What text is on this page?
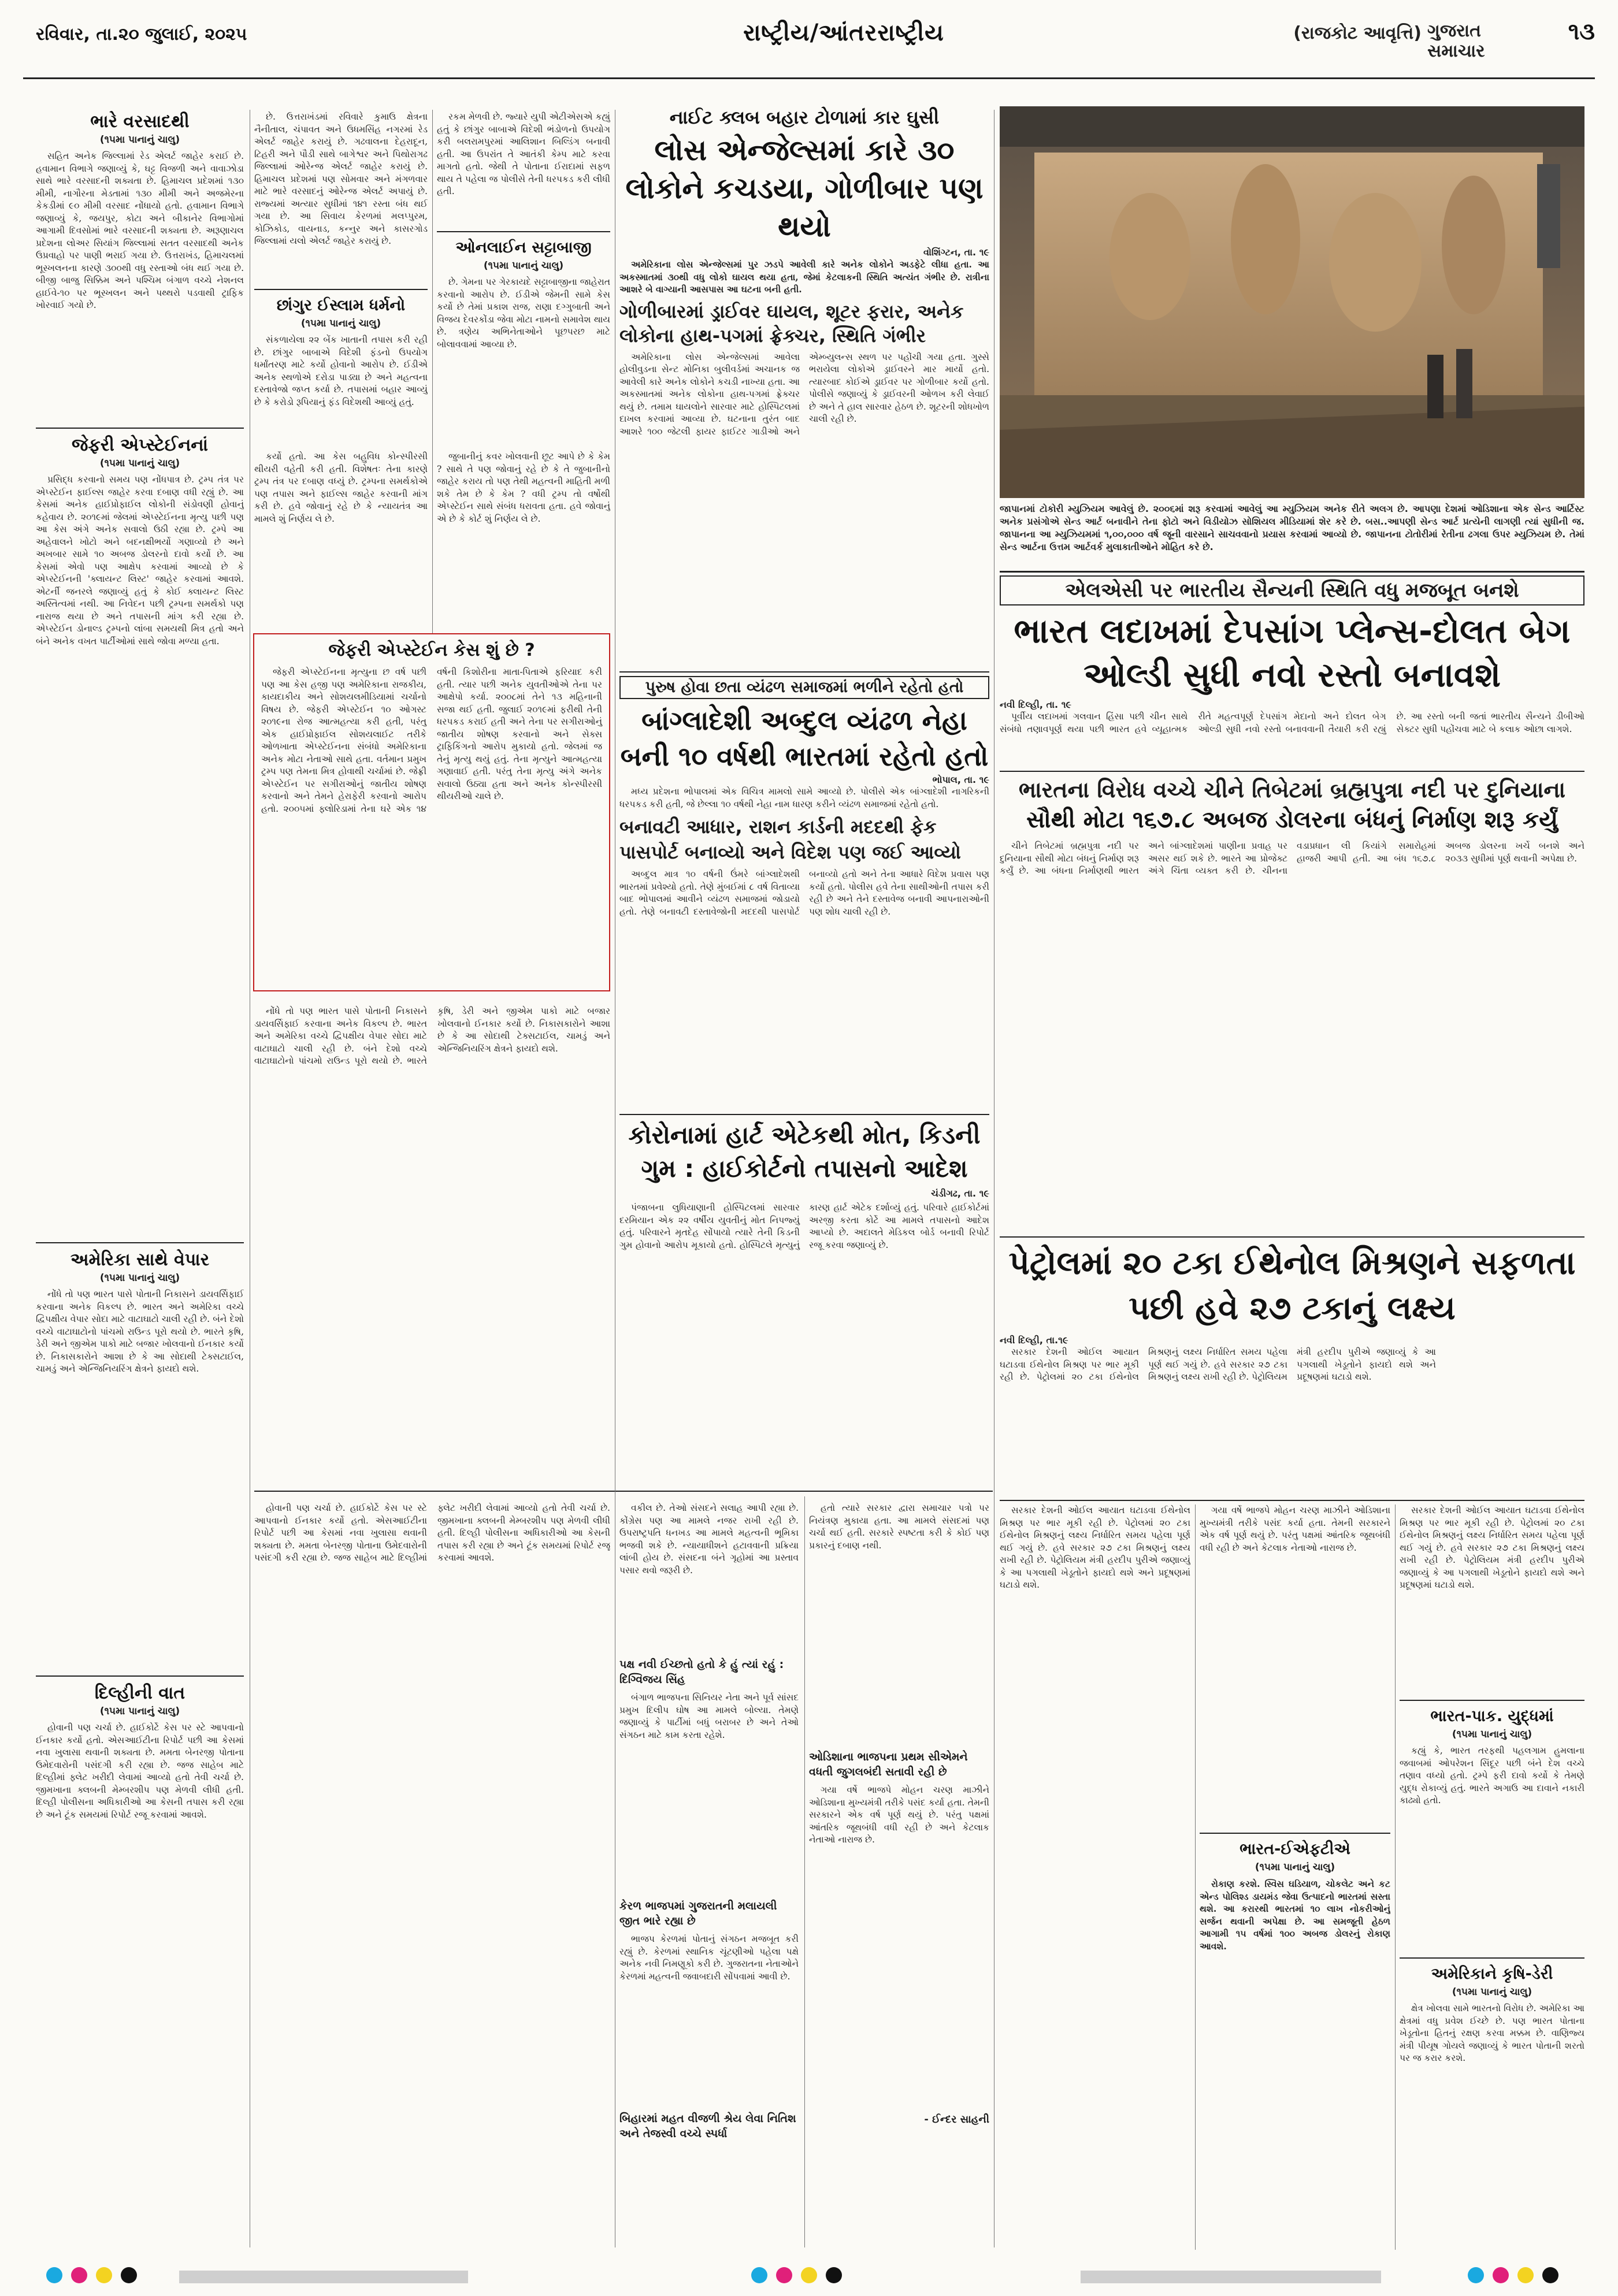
રવિવાર, તા.૨૦ જુલાઈ, ૨૦૨૫	રાષ્ટ્રીય/આંતરરાષ્ટ્રીય	(રાજકોટ આવૃત્તિ) ગુજરાત સમાચાર
૧૩
ભારે વરસાદથી
(૧૫મા પાનાનું ચાલુ)

સહિત અનેક જિલ્લામાં રેડ એલર્ટ જાહેર કરાઈ છે. હવામાન વિભાગે જણાવ્યું કે, ઘટ્ટ વિજળી અને વાવાઝોડા સાથે ભારે વરસાદની શક્યતા છે. હિમાચલ પ્રદેશમાં ૧૩૦ મીમી, નાગૌરના મેડતામાં ૧૩૦ મીમી અને અજમેરના કેકડીમાં ૯૦ મીમી વરસાદ નોંધાયો હતો. હવામાન વિભાગે જણાવ્યું કે, જયપુર, કોટા અને બીકાનેર વિભાગોમાં આગામી દિવસોમાં ભારે વરસાદની શક્યતા છે. અરૂણાચલ પ્રદેશના લોઅર સિયાંગ જિલ્લામાં સતત વરસાદથી અનેક ઉપ્રવાહો પર પાણી ભરાઈ ગયા છે. ઉત્તરાખંડ, હિમાચલમાં ભૂસ્ખલનના કારણે ૩૦૦થી વધુ રસ્તાઓ બંધ થઈ ગયા છે. બીજી બાજુ સિક્કિમ અને પશ્ચિમ બંગાળ વચ્ચે નેશનલ હાઈવે-૧૦ પર ભૂસ્ખલન અને પથ્થરો પડવાથી ટ્રાફિક ખોરવાઈ ગયો છે.

જેફરી એપ્સ્ટેઈનનાં
(૧૫મા પાનાનું ચાલુ)

પ્રસિદ્ધ કરવાનો સમય પણ નોંધપાત્ર છે. ટ્રમ્પ તંત્ર પર એપ્સ્ટેઈન ફાઈલ્સ જાહેર કરવા દબાણ વધી રહ્યું છે. આ કેસમાં અનેક હાઈપ્રોફાઈલ લોકોની સંડોવણી હોવાનું કહેવાય છે. ૨૦૧૯માં જેલમાં એપ્સ્ટેઈનના મૃત્યુ પછી પણ આ કેસ અંગે અનેક સવાલો ઉઠી રહ્યા છે. ટ્રમ્પે આ અહેવાલને ખોટો અને બદનક્ષીભર્યો ગણાવ્યો છે અને અખબાર સામે ૧૦ અબજ ડોલરનો દાવો કર્યો છે. આ કેસમાં એવો પણ આક્ષેપ કરવામાં આવ્યો છે કે એપ્સ્ટેઈનની 'ક્લાયન્ટ લિસ્ટ' જાહેર કરવામાં આવશે. એટર્ની જનરલે જણાવ્યું હતું કે કોઈ ક્લાયન્ટ લિસ્ટ અસ્તિત્વમાં નથી. આ નિવેદન પછી ટ્રમ્પના સમર્થકો પણ નારાજ થયા છે અને તપાસની માંગ કરી રહ્યા છે. એપ્સ્ટેઈન ડોનાલ્ડ ટ્રમ્પનો લાંબા સમયથી મિત્ર હતો અને બંને અનેક વખત પાર્ટીઓમાં સાથે જોવા મળ્યા હતા.

અમેરિકા સાથે વેપાર
(૧૫મા પાનાનું ચાલુ)

નોંધે તો પણ ભારત પાસે પોતાની નિકાસને ડાયવર્સિફાઈ કરવાના અનેક વિકલ્પ છે. ભારત અને અમેરિકા વચ્ચે દ્વિપક્ષીય વેપાર સોદા માટે વાટાઘાટો ચાલી રહી છે. બંને દેશો વચ્ચે વાટાઘાટોનો પાંચમો રાઉન્ડ પૂરો થયો છે. ભારતે કૃષિ, ડેરી અને જીએમ પાકો માટે બજાર ખોલવાનો ઈનકાર કર્યો છે. નિકાસકારોને આશા છે કે આ સોદાથી ટેક્સટાઈલ, ચામડું અને એન્જિનિયરિંગ ક્ષેત્રને ફાયદો થશે.

દિલ્હીની વાત
(૧૫મા પાનાનું ચાલુ)

હોવાની પણ ચર્ચા છે. હાઈકોર્ટે કેસ પર સ્ટે આપવાનો ઈનકાર કર્યો હતો. એસઆઈટીના રિપોર્ટ પછી આ કેસમાં નવા ખુલાસા થવાની શક્યતા છે. મમતા બેનરજી પોતાના ઉમેદવારોની પસંદગી કરી રહ્યા છે. જજ સાહેબ માટે દિલ્હીમાં ફ્લેટ ખરીદી લેવામાં આવ્યો હતો તેવી ચર્ચા છે. જીમખાના ક્લબની મેમ્બરશીપ પણ મેળવી લીધી હતી. દિલ્હી પોલીસના અધિકારીઓ આ કેસની તપાસ કરી રહ્યા છે અને ટૂંક સમયમાં રિપોર્ટ રજૂ કરવામાં આવશે.

છે. ઉત્તરાખંડમાં રવિવારે કુમાઉ ક્ષેત્રના નૈનીતાલ, ચંપાવત અને ઉધમસિંહ નગરમાં રેડ એલર્ટ જાહેર કરાયું છે. ગઢવાલના દેહરાદૂન, ટિહરી અને પૌડી સાથે બાગેશ્વર અને પિથોરાગઢ જિલ્લામાં ઓરેન્જ એલર્ટ જાહેર કરાયું છે. હિમાચલ પ્રદેશમાં પણ સોમવાર અને મંગળવાર માટે ભારે વરસાદનું ઓરેન્જ એલર્ટ અપાયું છે. રાજ્યમાં અત્યાર સુધીમાં ૧૪૧ રસ્તા બંધ થઈ ગયા છે. આ સિવાય કેરળમાં મલપ્પુરમ, કોઝિકોડ, વાયનાડ, કન્નુર અને કાસરગોડ જિલ્લામાં યલો એલર્ટ જાહેર કરાયું છે.

છાંગુર ઈસ્લામ ધર્મનો
(૧૫મા પાનાનું ચાલુ)

સંકળાયેલા ૨૨ બેંક ખાતાની તપાસ કરી રહી છે. છાંગુર બાબાએ વિદેશી ફંડનો ઉપયોગ ધર્માંતરણ માટે કર્યો હોવાનો આરોપ છે. ઈડીએ અનેક સ્થળોએ દરોડા પાડ્યા છે અને મહત્વના દસ્તાવેજો જપ્ત કર્યા છે. તપાસમાં બહાર આવ્યું છે કે કરોડો રૂપિયાનું ફંડ વિદેશથી આવ્યું હતું.

રકમ મેળવી છે. જ્યારે યુપી એટીએસએ કહ્યું હતું કે છાંગુર બાબાએ વિદેશી ભંડોળનો ઉપયોગ કરી બલરામપુરમાં આલિશાન બિલ્ડિંગ બનાવી હતી. આ ઉપરાંત તે આતંકી કેમ્પ માટે કરવા માગતો હતો. જેથી તે પોતાના ઈરાદામાં સફળ થાય તે પહેલા જ પોલીસે તેની ધરપકડ કરી લીધી હતી.

ઓનલાઈન સટ્ટાબાજી
(૧૫મા પાનાનું ચાલુ)

છે. ગેમના પર ગેરકાયદે સટ્ટાબાજીના જાહેરાત કરવાનો આરોપ છે. ઈડીએ જેમની સામે કેસ કર્યો છે તેમાં પ્રકાશ રાજ, રાણા દગ્ગુબાતી અને વિજય દેવરકોંડા જેવા મોટા નામનો સમાવેશ થાય છે. ત્રણેય અભિનેતાઓને પૂછપરછ માટે બોલાવવામાં આવ્યા છે.

કર્યો હતો. આ કેસ બહુવિધ કોન્સ્પીરસી થીયરી વહેતી કરી હતી. વિશેષતઃ તેના કારણે ટ્રમ્પ તંત્ર પર દબાણ વધ્યું છે. ટ્રમ્પના સમર્થકોએ પણ તપાસ અને ફાઈલ્સ જાહેર કરવાની માંગ કરી છે. હવે જોવાનું રહે છે કે ન્યાયતંત્ર આ મામલે શું નિર્ણય લે છે.

જુબાનીનું કવર ખોલવાની છૂટ આપે છે કે કેમ ? સાથે તે પણ જોવાનું રહે છે કે તે જુબાનીનો જાહેર કરાય તો પણ તેથી મહત્વની માહિતી મળી શકે તેમ છે કે કેમ ? વધી ટ્રમ્પ તો વર્ષોથી એપ્સ્ટેઈન સાથે સંબંધ ધરાવતા હતા. હવે જોવાનું એ છે કે કોર્ટ શું નિર્ણય લે છે.

જેફરી એપ્સ્ટેઈન કેસ શું છે ?

જેફરી એપ્સ્ટેઈનના મૃત્યુના છ વર્ષ પછી પણ આ કેસ હજી પણ અમેરિકાના રાજકીય, કાયદાકીય અને સોશયલમીડિયામાં ચર્ચાનો વિષય છે. જેફરી એપ્સ્ટેઈન ૧૦ ઓગસ્ટ ૨૦૧૯ના રોજ આત્મહત્યા કરી હતી, પરંતુ એક હાઈપ્રોફાઈલ સોશયલાઈટ તરીકે ઓળખાતા એપ્સ્ટેઈનના સંબંધો અમેરિકાના અનેક મોટા નેતાઓ સાથે હતા. વર્તમાન પ્રમુખ ટ્રમ્પ પણ તેમના મિત્ર હોવાથી ચર્ચામાં છે. જેફ્રી એપ્સ્ટેઈન પર સગીરાઓનું જાતીય શોષણ કરવાનો અને તેમને હેરાફેરી કરવાનો આરોપ હતો. ૨૦૦૫માં ફ્લોરિડામાં તેના ઘરે એક ૧૪ વર્ષની કિશોરીના માતા-પિતાએ ફરિયાદ કરી હતી. ત્યાર પછી અનેક યુવતીઓએ તેના પર આક્ષેપો કર્યા. ૨૦૦૮માં તેને ૧૩ મહિનાની સજા થઈ હતી. જુલાઈ ૨૦૧૯માં ફરીથી તેની ધરપકડ કરાઈ હતી અને તેના પર સગીરાઓનું જાતીય શોષણ કરવાનો અને સેક્સ ટ્રાફિકિંગનો આરોપ મુકાયો હતો. જેલમાં જ તેનું મૃત્યુ થયું હતું. તેના મૃત્યુને આત્મહત્યા ગણાવાઈ હતી. પરંતુ તેના મૃત્યુ અંગે અનેક સવાલો ઉઠ્યા હતા અને અનેક કોન્સ્પીરસી થીયરીઓ ચાલે છે.

નોંધે તો પણ ભારત પાસે પોતાની નિકાસને ડાયવર્સિફાઈ કરવાના અનેક વિકલ્પ છે. ભારત અને અમેરિકા વચ્ચે દ્વિપક્ષીય વેપાર સોદા માટે વાટાઘાટો ચાલી રહી છે. બંને દેશો વચ્ચે વાટાઘાટોનો પાંચમો રાઉન્ડ પૂરો થયો છે. ભારતે કૃષિ, ડેરી અને જીએમ પાકો માટે બજાર ખોલવાનો ઈનકાર કર્યો છે. નિકાસકારોને આશા છે કે આ સોદાથી ટેક્સટાઈલ, ચામડું અને એન્જિનિયરિંગ ક્ષેત્રને ફાયદો થશે.

હોવાની પણ ચર્ચા છે. હાઈકોર્ટે કેસ પર સ્ટે આપવાનો ઈનકાર કર્યો હતો. એસઆઈટીના રિપોર્ટ પછી આ કેસમાં નવા ખુલાસા થવાની શક્યતા છે. મમતા બેનરજી પોતાના ઉમેદવારોની પસંદગી કરી રહ્યા છે. જજ સાહેબ માટે દિલ્હીમાં ફ્લેટ ખરીદી લેવામાં આવ્યો હતો તેવી ચર્ચા છે. જીમખાના ક્લબની મેમ્બરશીપ પણ મેળવી લીધી હતી. દિલ્હી પોલીસના અધિકારીઓ આ કેસની તપાસ કરી રહ્યા છે અને ટૂંક સમયમાં રિપોર્ટ રજૂ કરવામાં આવશે.

નાઈટ ક્લબ બહાર ટોળામાં કાર ઘુસી
લોસ એન્જેલ્સમાં કારે ૩૦ લોકોને કચડયા, ગોળીબાર પણ થયો
વોશિંગ્ટન, તા. ૧૯

અમેરિકાના લોસ એન્જેલ્સમાં પુર ઝડપે આવેલી કારે અનેક લોકોને અડફેટે લીધા હતા. આ અકસ્માતમાં ૩૦થી વધુ લોકો ઘાયલ થયા હતા, જેમાં કેટલાકની સ્થિતિ અત્યંત ગંભીર છે. રાત્રીના આશરે બે વાગ્યાની આસપાસ આ ઘટના બની હતી.

ગોળીબારમાં ડ્રાઈવર ઘાયલ, શૂટર ફરાર, અનેક લોકોના હાથ-પગમાં ફ્રેક્ચર, સ્થિતિ ગંભીર

અમેરિકાના લોસ એન્જેલ્સમાં આવેલા હોલીવુડના સેન્ટ મોનિકા બુલીવર્ડમાં અચાનક જ આવેલી કારે અનેક લોકોને કચડી નાખ્યા હતા. આ અકસ્માતમાં અનેક લોકોના હાથ-પગમાં ફ્રેક્ચર થયું છે. તમામ ઘાયલોને સારવાર માટે હોસ્પિટલમાં દાખલ કરવામાં આવ્યા છે. ઘટનાના તુરંત બાદ આશરે ૧૦૦ જેટલી ફાયર ફાઈટર ગાડીઓ અને એમ્બ્યુલન્સ સ્થળ પર પહોંચી ગયા હતા. ગુસ્સે ભરાયેલા લોકોએ ડ્રાઈવરને માર માર્યો હતો. ત્યારબાદ કોઈએ ડ્રાઈવર પર ગોળીબાર કર્યો હતો. પોલીસે જણાવ્યું કે ડ્રાઈવરની ઓળખ કરી લેવાઈ છે અને તે હાલ સારવાર હેઠળ છે. શૂટરની શોધખોળ ચાલી રહી છે.

પુરુષ હોવા છતા વ્યંઢળ સમાજમાં ભળીને રહેતો હતો
બાંગ્લાદેશી અબ્દુલ વ્યંઢળ નેહા બની ૧૦ વર્ષથી ભારતમાં રહેતો હતો
ભોપાલ, તા. ૧૯

મધ્ય પ્રદેશના ભોપાલમાં એક વિચિત્ર મામલો સામે આવ્યો છે. પોલીસે એક બાંગ્લાદેશી નાગરિકની ધરપકડ કરી હતી, જે છેલ્લા ૧૦ વર્ષથી નેહા નામ ધારણ કરીને વ્યંઢળ સમાજમાં રહેતો હતો.

બનાવટી આધાર, રાશન કાર્ડની મદદથી ફેક પાસપોર્ટ બનાવ્યો અને વિદેશ પણ જઈ આવ્યો

અબ્દુલ માત્ર ૧૦ વર્ષની ઉંમરે બાંગ્લાદેશથી ભારતમાં પ્રવેશ્યો હતો. તેણે મુંબઈમાં ૮ વર્ષ વિતાવ્યા બાદ ભોપાલમાં આવીને વ્યંઢળ સમાજમાં જોડાયો હતો. તેણે બનાવટી દસ્તાવેજોની મદદથી પાસપોર્ટ બનાવ્યો હતો અને તેના આધારે વિદેશ પ્રવાસ પણ કર્યો હતો. પોલીસ હવે તેના સાથીઓની તપાસ કરી રહી છે અને તેને દસ્તાવેજ બનાવી આપનારાઓની પણ શોધ ચાલી રહી છે.

કોરોનામાં હાર્ટ એટેકથી મોત, કિડની ગુમ : હાઈકોર્ટનો તપાસનો આદેશ
ચંડીગઢ, તા. ૧૯

પંજાબના લુધિયાણાની હોસ્પિટલમાં સારવાર દરમિયાન એક ૨૨ વર્ષીય યુવતીનું મોત નિપજ્યું હતું. પરિવારને મૃતદેહ સોંપાયો ત્યારે તેની કિડની ગુમ હોવાનો આરોપ મૂકાયો હતો. હોસ્પિટલે મૃત્યુનું કારણ હાર્ટ એટેક દર્શાવ્યું હતું. પરિવારે હાઈકોર્ટમાં અરજી કરતા કોર્ટે આ મામલે તપાસનો આદેશ આપ્યો છે. અદાલતે મેડિકલ બોર્ડ બનાવી રિપોર્ટ રજૂ કરવા જણાવ્યું છે.

વકીલ છે. તેઓ સંસદને સલાહ આપી રહ્યા છે. કોંગ્રેસ પણ આ મામલે નજર રાખી રહી છે. ઉપરાષ્ટ્રપતિ ધનખડ આ મામલે મહત્વની ભૂમિકા ભજવી શકે છે. ન્યાયાધીશને હટાવવાની પ્રક્રિયા લાંબી હોય છે. સંસદના બંને ગૃહોમાં આ પ્રસ્તાવ પસાર થવો જરૂરી છે.

પક્ષ નવી ઈચ્છતો હતો કે હું ત્યાં રહું : દિગ્વિજય સિંહ

બંગાળ ભાજપના સિનિયર નેતા અને પૂર્વ સાંસદ પ્રમુખ દિલીપ ઘોષ આ મામલે બોલ્યા. તેમણે જણાવ્યું કે પાર્ટીમાં બધું બરાબર છે અને તેઓ સંગઠન માટે કામ કરતા રહેશે.

કેરળ ભાજપમાં ગુજરાતની મલાયલી જીત ભારે રહ્યા છે

ભાજપ કેરળમાં પોતાનું સંગઠન મજબૂત કરી રહ્યું છે. કેરળમાં સ્થાનિક ચૂંટણીઓ પહેલા પક્ષે અનેક નવી નિમણૂકો કરી છે. ગુજરાતના નેતાઓને કેરળમાં મહત્વની જવાબદારી સોંપવામાં આવી છે.

બિહારમાં મહત વીજળી શ્રેય લેવા નિતિશ અને તેજસ્વી વચ્ચે સ્પર્ધા

હતો ત્યારે સરકાર દ્વારા સમાચાર પત્રો પર નિયંત્રણ મુકાયા હતા. આ મામલે સંસદમાં પણ ચર્ચા થઈ હતી. સરકારે સ્પષ્ટતા કરી કે કોઈ પણ પ્રકારનું દબાણ નથી.

ઓડિશાના ભાજપના પ્રથમ સીએમને વધતી જુગલબંદી સતાવી રહી છે

ગયા વર્ષે ભાજપે મોહન ચરણ માઝીને ઓડિશાના મુખ્યમંત્રી તરીકે પસંદ કર્યા હતા. તેમની સરકારને એક વર્ષ પૂર્ણ થયું છે. પરંતુ પક્ષમાં આંતરિક જૂથબંધી વધી રહી છે અને કેટલાક નેતાઓ નારાજ છે.

- ઈન્દર સાહની

જાપાનમાં ટોકોરી મ્યુઝિયમ આવેલું છે. ૨૦૦૬માં શરૂ કરવામાં આવેલું આ મ્યુઝિયમ અનેક રીતે અલગ છે. આપણા દેશમાં ઓડિશાના એક સેન્ડ આર્ટિસ્ટ અનેક પ્રસંગોએ સેન્ડ આર્ટ બનાવીને તેના ફોટો અને વિડીયોઝ સોશિયલ મીડિયામાં શેર કરે છે. બસ..આપણી સેન્ડ આર્ટ પ્રત્યેની લાગણી ત્યાં સુધીની જ. જાપાનના આ મ્યુઝિયમમાં ૧,૦૦,૦૦૦ વર્ષ જૂની વારસાને સાચવવાનો પ્રયાસ કરવામાં આવ્યો છે. જાપાનના ટોતોરીમાં રેતીના ઢગલા ઉપર મ્યુઝિયમ છે. તેમાં સેન્ડ આર્ટના ઉત્તમ આર્ટવર્ક મુલાકાતીઓને મોહિત કરે છે.

એલએસી પર ભારતીય સૈન્યની સ્થિતિ વધુ મજબૂત બનશે
ભારત લદાખમાં દેપસાંગ પ્લેન્સ-દોલત બેગ ઓલ્ડી સુધી નવો રસ્તો બનાવશે
નવી દિલ્હી, તા. ૧૯

પૂર્વીય લદાખમાં ગલવાન હિંસા પછી ચીન સાથે સંબંધો તણાવપૂર્ણ થયા પછી ભારત હવે વ્યૂહાત્મક રીતે મહત્વપૂર્ણ દેપસાંગ મેદાનો અને દોલત બેગ ઓલ્ડી સુધી નવો રસ્તો બનાવવાની તૈયારી કરી રહ્યું છે. આ રસ્તો બની જતાં ભારતીય સૈન્યને ડીબીઓ સેક્ટર સુધી પહોંચવા માટે બે કલાક ઓછા લાગશે.

ભારતના વિરોધ વચ્ચે ચીને તિબેટમાં બ્રહ્મપુત્રા નદી પર દુનિયાના
સૌથી મોટા ૧૬૭.૮ અબજ ડોલરના બંધનું નિર્માણ શરૂ કર્યું

ચીને તિબેટમાં બ્રહ્મપુત્રા નદી પર દુનિયાના સૌથી મોટા બંધનું નિર્માણ શરૂ કર્યું છે. આ બંધના નિર્માણથી ભારત અને બાંગ્લાદેશમાં પાણીના પ્રવાહ પર અસર થઈ શકે છે. ભારતે આ પ્રોજેક્ટ અંગે ચિંતા વ્યક્ત કરી છે. ચીનના વડાપ્રધાન લી કિયાંગે સમારોહમાં હાજરી આપી હતી. આ બંધ ૧૬૭.૮ અબજ ડોલરના ખર્ચે બનશે અને ૨૦૩૩ સુધીમાં પૂર્ણ થવાની અપેક્ષા છે.

પેટ્રોલમાં ૨૦ ટકા ઈથેનોલ મિશ્રણને સફળતા પછી હવે ૨૭ ટકાનું લક્ષ્ય
નવી દિલ્હી, તા.૧૯

સરકાર દેશની ઓઈલ આયાત ઘટાડવા ઈથેનોલ મિશ્રણ પર ભાર મૂકી રહી છે. પેટ્રોલમાં ૨૦ ટકા ઈથેનોલ મિશ્રણનું લક્ષ્ય નિર્ધારિત સમય પહેલા પૂર્ણ થઈ ગયું છે. હવે સરકાર ૨૭ ટકા મિશ્રણનું લક્ષ્ય રાખી રહી છે. પેટ્રોલિયમ મંત્રી હરદીપ પુરીએ જણાવ્યું કે આ પગલાથી ખેડૂતોને ફાયદો થશે અને પ્રદૂષણમાં ઘટાડો થશે.

સરકાર દેશની ઓઈલ આયાત ઘટાડવા ઈથેનોલ મિશ્રણ પર ભાર મૂકી રહી છે. પેટ્રોલમાં ૨૦ ટકા ઈથેનોલ મિશ્રણનું લક્ષ્ય નિર્ધારિત સમય પહેલા પૂર્ણ થઈ ગયું છે. હવે સરકાર ૨૭ ટકા મિશ્રણનું લક્ષ્ય રાખી રહી છે. પેટ્રોલિયમ મંત્રી હરદીપ પુરીએ જણાવ્યું કે આ પગલાથી ખેડૂતોને ફાયદો થશે અને પ્રદૂષણમાં ઘટાડો થશે.

ગયા વર્ષે ભાજપે મોહન ચરણ માઝીને ઓડિશાના મુખ્યમંત્રી તરીકે પસંદ કર્યા હતા. તેમની સરકારને એક વર્ષ પૂર્ણ થયું છે. પરંતુ પક્ષમાં આંતરિક જૂથબંધી વધી રહી છે અને કેટલાક નેતાઓ નારાજ છે.

ભારત-ઈએફટીએ
(૧૫મા પાનાનું ચાલુ)

રોકાણ કરશે. સ્વિસ ઘડિયાળ, ચોકલેટ અને કટ એન્ડ પોલિશ્ડ ડાયમંડ જેવા ઉત્પાદનો ભારતમાં સસ્તા થશે. આ કરારથી ભારતમાં ૧૦ લાખ નોકરીઓનું સર્જન થવાની અપેક્ષા છે. આ સમજૂતી હેઠળ આગામી ૧૫ વર્ષમાં ૧૦૦ અબજ ડોલરનું રોકાણ આવશે.

સરકાર દેશની ઓઈલ આયાત ઘટાડવા ઈથેનોલ મિશ્રણ પર ભાર મૂકી રહી છે. પેટ્રોલમાં ૨૦ ટકા ઈથેનોલ મિશ્રણનું લક્ષ્ય નિર્ધારિત સમય પહેલા પૂર્ણ થઈ ગયું છે. હવે સરકાર ૨૭ ટકા મિશ્રણનું લક્ષ્ય રાખી રહી છે. પેટ્રોલિયમ મંત્રી હરદીપ પુરીએ જણાવ્યું કે આ પગલાથી ખેડૂતોને ફાયદો થશે અને પ્રદૂષણમાં ઘટાડો થશે.

ભારત-પાક. યુદ્ધમાં
(૧૫મા પાનાનું ચાલુ)

કહ્યું કે, ભારત તરફથી પહલગામ હુમલાના જવાબમાં ઓપરેશન સિંદૂર પછી બંને દેશ વચ્ચે તણાવ વધ્યો હતો. ટ્રમ્પે ફરી દાવો કર્યો કે તેમણે યુદ્ધ રોકાવ્યું હતું. ભારતે અગાઉ આ દાવાને નકારી કાઢ્યો હતો.

અમેરિકાને કૃષિ-ડેરી
(૧૫મા પાનાનું ચાલુ)

ક્ષેત્ર ખોલવા સામે ભારતનો વિરોધ છે. અમેરિકા આ ક્ષેત્રમાં વધુ પ્રવેશ ઈચ્છે છે. પણ ભારત પોતાના ખેડૂતોના હિતનું રક્ષણ કરવા મક્કમ છે. વાણિજ્ય મંત્રી પીયૂષ ગોયલે જણાવ્યું કે ભારત પોતાની શરતો પર જ કરાર કરશે.
